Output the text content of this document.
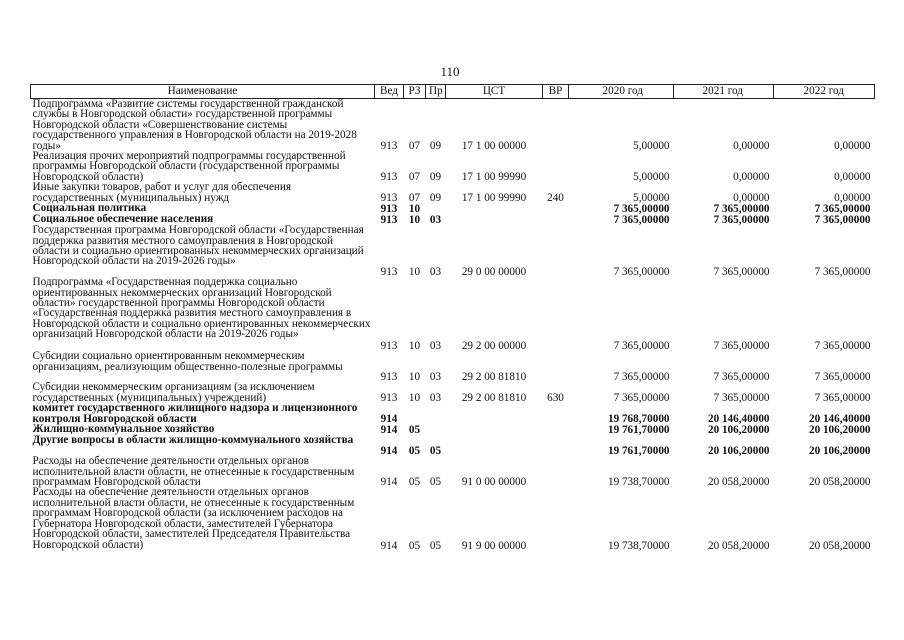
110
Наименование	Вед	РЗ	Пр	ЦСТ	ВР	2020 год	2021 год	2022 год
Подпрограмма «Развитие системы государственной гражданской службы в Новгородской области» государственной программы Новгородской области «Совершенствование системы государственного управления в Новгородской области на 2019-2028 годы»	913	07	09	17 1 00 00000		5,00000	0,00000	0,00000
Реализация прочих мероприятий подпрограммы государственной программы Новгородской области (государственной программы Новгородской области)	913	07	09	17 1 00 99990		5,00000	0,00000	0,00000
Иные закупки товаров, работ и услуг для обеспечения государственных (муниципальных) нужд	913	07	09	17 1 00 99990	240	5,00000	0,00000	0,00000
Социальная политика	913	10				7 365,00000	7 365,00000	7 365,00000
Социальное обеспечение населения	913	10	03			7 365,00000	7 365,00000	7 365,00000
Государственная программа Новгородской области «Государственная поддержка развития местного самоуправления в Новгородской области и социально ориентированных некоммерческих организаций Новгородской области на 2019-2026 годы»	913	10	03	29 0 00 00000		7 365,00000	7 365,00000	7 365,00000
Подпрограмма «Государственная поддержка социально ориентированных некоммерческих организаций Новгородской области» государственной программы Новгородской области «Государственная поддержка развития местного самоуправления в Новгородской области и социально ориентированных некоммерческих организаций Новгородской области на 2019-2026 годы»	913	10	03	29 2 00 00000		7 365,00000	7 365,00000	7 365,00000
Субсидии социально ориентированным некоммерческим организациям, реализующим общественно-полезные программы	913	10	03	29 2 00 81810		7 365,00000	7 365,00000	7 365,00000
Субсидии некоммерческим организациям (за исключением государственных (муниципальных) учреждений)	913	10	03	29 2 00 81810	630	7 365,00000	7 365,00000	7 365,00000
комитет государственного жилищного надзора и лицензионного контроля Новгородской области	914					19 768,70000	20 146,40000	20 146,40000
Жилищно-коммунальное хозяйство	914	05				19 761,70000	20 106,20000	20 106,20000
Другие вопросы в области жилищно-коммунального хозяйства	914	05	05			19 761,70000	20 106,20000	20 106,20000
Расходы на обеспечение деятельности отдельных органов исполнительной власти области, не отнесенные к государственным программам Новгородской области	914	05	05	91 0 00 00000		19 738,70000	20 058,20000	20 058,20000
Расходы на обеспечение деятельности отдельных органов исполнительной власти области, не отнесенные к государственным программам Новгородской области (за исключением расходов на Губернатора Новгородской области, заместителей Губернатора Новгородской области, заместителей Председателя Правительства Новгородской области)	914	05	05	91 9 00 00000		19 738,70000	20 058,20000	20 058,20000
